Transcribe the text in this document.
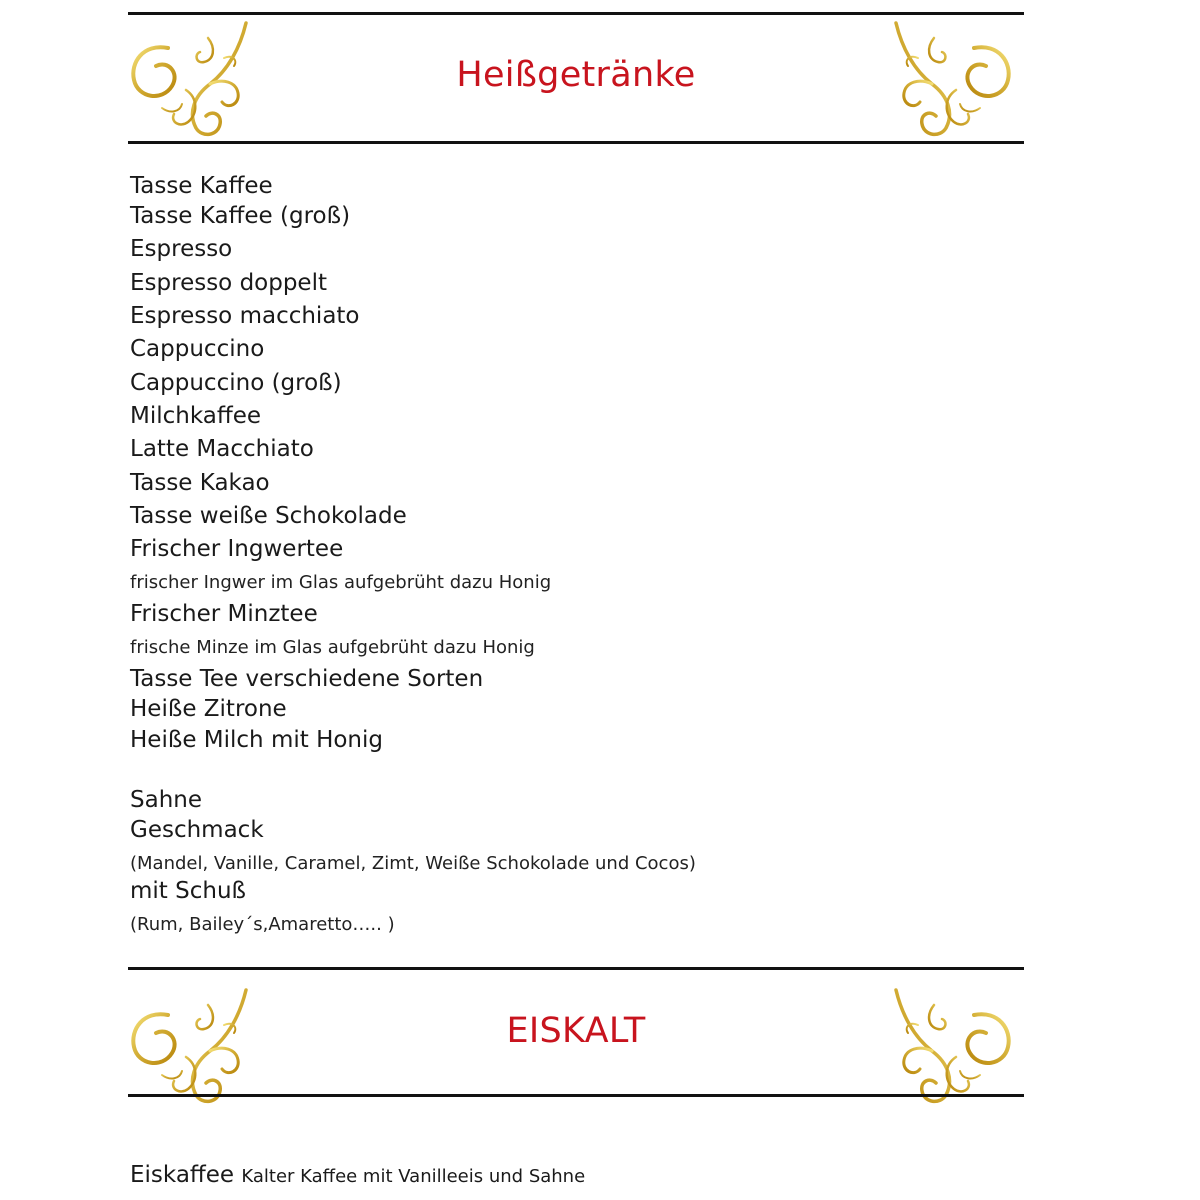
Heißgetränke
Tasse Kaffee
Tasse Kaffee (groß)
Espresso
Espresso doppelt
Espresso macchiato
Cappuccino
Cappuccino (groß)
Milchkaffee
Latte Macchiato
Tasse Kakao
Tasse weiße Schokolade
Frischer Ingwertee
frischer Ingwer im Glas aufgebrüht dazu Honig
Frischer Minztee
frische Minze im Glas aufgebrüht dazu Honig
Tasse Tee verschiedene Sorten
Heiße Zitrone
Heiße Milch mit Honig
Sahne
Geschmack
(Mandel, Vanille, Caramel, Zimt, Weiße Schokolade und Cocos)
mit Schuß
(Rum, Bailey´s,Amaretto….. )
EISKALT
Eiskaffee Kalter Kaffee mit Vanilleeis und Sahne
